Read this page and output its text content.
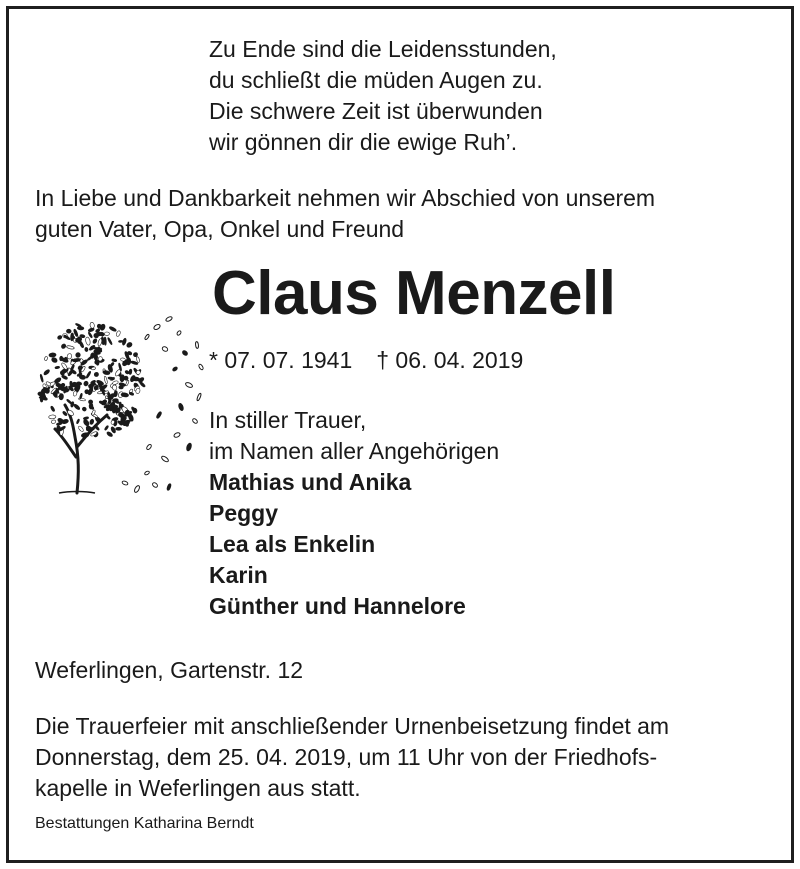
Zu Ende sind die Leidensstunden,
du schließt die müden Augen zu.
Die schwere Zeit ist überwunden
wir gönnen dir die ewige Ruh’.
In Liebe und Dankbarkeit nehmen wir Abschied von unserem
guten Vater, Opa, Onkel und Freund
Claus Menzell
* 07. 07. 1941 † 06. 04. 2019
In stiller Trauer,
im Namen aller Angehörigen
Mathias und Anika
Peggy
Lea als Enkelin
Karin
Günther und Hannelore
Weferlingen, Gartenstr. 12
Die Trauerfeier mit anschließender Urnenbeisetzung findet am
Donnerstag, dem 25. 04. 2019, um 11 Uhr von der Friedhofs-
kapelle in Weferlingen aus statt.
Bestattungen Katharina Berndt
